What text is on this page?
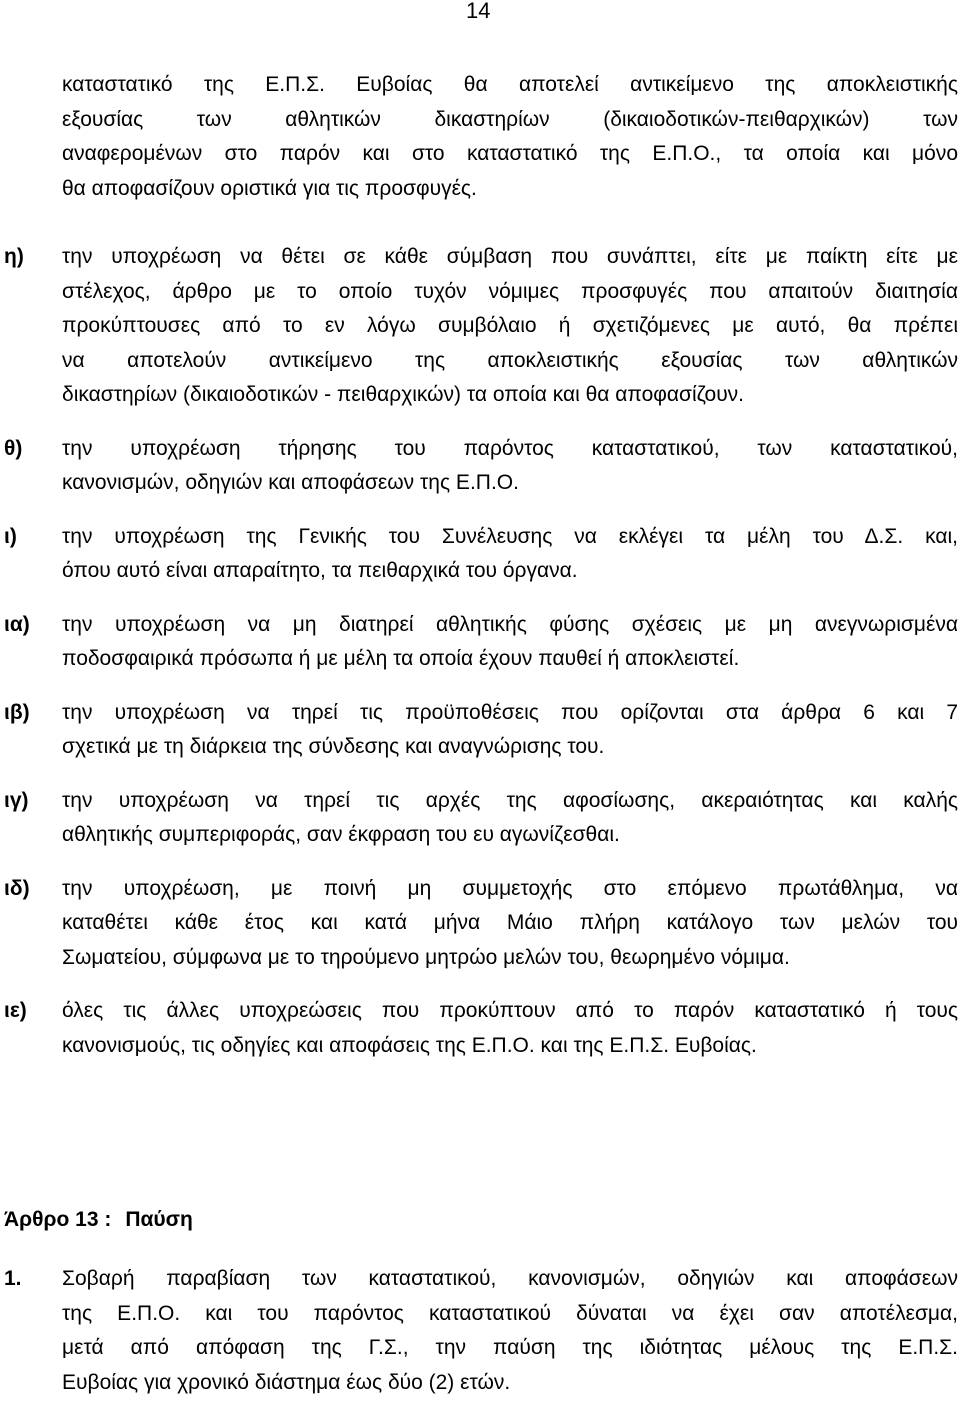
14
καταστατικό της Ε.Π.Σ. Ευβοίας θα αποτελεί αντικείμενο της αποκλειστικής
εξουσίας των αθλητικών δικαστηρίων (δικαιοδοτικών-πειθαρχικών) των
αναφερομένων στο παρόν και στο καταστατικό της Ε.Π.Ο., τα οποία και μόνο
θα αποφασίζουν οριστικά για τις προσφυγές.
η) την υποχρέωση να θέτει σε κάθε σύμβαση που συνάπτει, είτε με παίκτη είτε με
στέλεχος, άρθρο με το οποίο τυχόν νόμιμες προσφυγές που απαιτούν διαιτησία
προκύπτουσες από το εν λόγω συμβόλαιο ή σχετιζόμενες με αυτό, θα πρέπει
να αποτελούν αντικείμενο της αποκλειστικής εξουσίας των αθλητικών
δικαστηρίων (δικαιοδοτικών - πειθαρχικών) τα οποία και θα αποφασίζουν.
θ) την υποχρέωση τήρησης του παρόντος καταστατικού, των καταστατικού,
κανονισμών, οδηγιών και αποφάσεων της Ε.Π.Ο.
ι) την υποχρέωση της Γενικής του Συνέλευσης να εκλέγει τα μέλη του Δ.Σ. και,
όπου αυτό είναι απαραίτητο, τα πειθαρχικά του όργανα.
ια) την υποχρέωση να μη διατηρεί αθλητικής φύσης σχέσεις με μη ανεγνωρισμένα
ποδοσφαιρικά πρόσωπα ή με μέλη τα οποία έχουν παυθεί ή αποκλειστεί.
ιβ) την υποχρέωση να τηρεί τις προϋποθέσεις που ορίζονται στα άρθρα 6 και 7
σχετικά με τη διάρκεια της σύνδεσης και αναγνώρισης του.
ιγ) την υποχρέωση να τηρεί τις αρχές της αφοσίωσης, ακεραιότητας και καλής
αθλητικής συμπεριφοράς, σαν έκφραση του ευ αγωνίζεσθαι.
ιδ) την υποχρέωση, με ποινή μη συμμετοχής στο επόμενο πρωτάθλημα, να
καταθέτει κάθε έτος και κατά μήνα Μάιο πλήρη κατάλογο των μελών του
Σωματείου, σύμφωνα με το τηρούμενο μητρώο μελών του, θεωρημένο νόμιμα.
ιε) όλες τις άλλες υποχρεώσεις που προκύπτουν από το παρόν καταστατικό ή τους
κανονισμούς, τις οδηγίες και αποφάσεις της Ε.Π.Ο. και της Ε.Π.Σ. Ευβοίας.
Άρθρο 13 : Παύση
1. Σοβαρή παραβίαση των καταστατικού, κανονισμών, οδηγιών και αποφάσεων
της Ε.Π.Ο. και του παρόντος καταστατικού δύναται να έχει σαν αποτέλεσμα,
μετά από απόφαση της Γ.Σ., την παύση της ιδιότητας μέλους της Ε.Π.Σ.
Ευβοίας για χρονικό διάστημα έως δύο (2) ετών.
